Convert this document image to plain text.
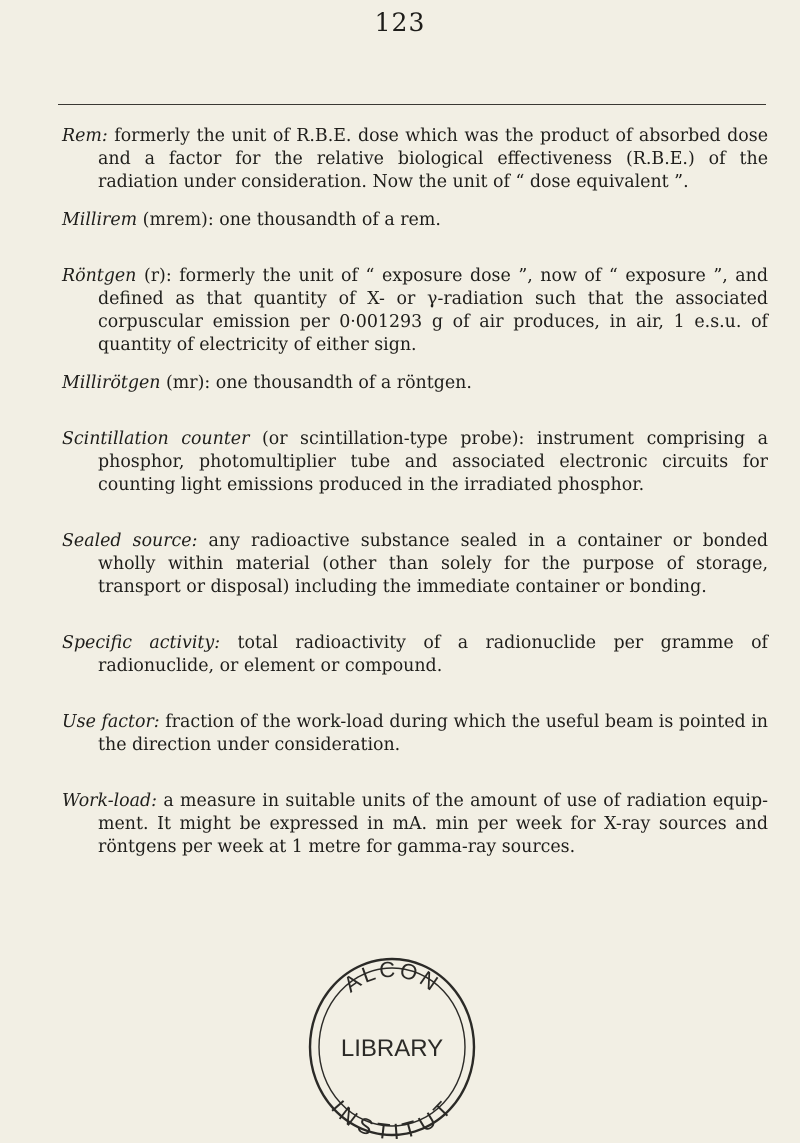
123

Rem: formerly the unit of R.B.E. dose which was the product of absorbed dose and a factor for the relative biological effectiveness (R.B.E.) of the radiation under consideration. Now the unit of “ dose equivalent ”.

Millirem (mrem): one thousandth of a rem.

Röntgen (r): formerly the unit of “ exposure dose ”, now of “ exposure ”, and defined as that quantity of X- or γ-radiation such that the associated corpuscular emission per 0·001293 g of air produces, in air, 1 e.s.u. of quantity of electricity of either sign.

Millirötgen (mr): one thousandth of a röntgen.

Scintillation counter (or scintillation-type probe): instrument comprising a phosphor, photomultiplier tube and associated electronic circuits for counting light emissions produced in the irradiated phosphor.

Sealed source: any radioactive substance sealed in a container or bonded wholly within material (other than solely for the purpose of storage, transport or disposal) including the immediate container or bonding.

Specific activity: total radioactivity of a radionuclide per gramme of radionuclide, or element or compound.

Use factor: fraction of the work-load during which the useful beam is pointed in the direction under consideration.

Work-load: a measure in suitable units of the amount of use of radiation equip-ment. It might be expressed in mA. min per week for X-ray sources and röntgens per week at 1 metre for gamma-ray sources.

ALCON
LIBRARY
INSTITUT
